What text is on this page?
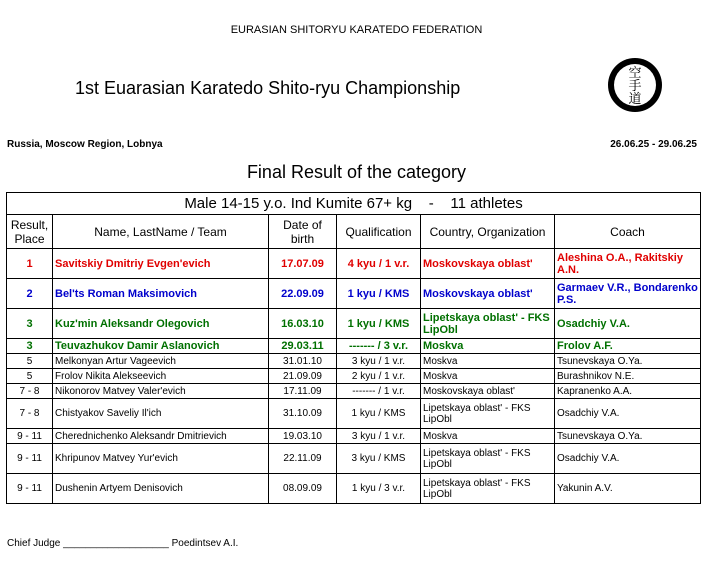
EURASIAN SHITORYU KARATEDO FEDERATION
1st Euarasian Karatedo Shito-ryu Championship
空
手
道
Russia, Moscow Region, Lobnya	26.06.25 - 29.06.25
Final Result of the category
Male 14-15 y.o. Ind Kumite 67+ kg    -    11 athletes					
Result, Place	Name, LastName / Team	Date of birth	Qualification	Country, Organization	Coach
1	Savitskiy Dmitriy Evgen'evich	17.07.09	4 kyu / 1 v.r.	Moskovskaya oblast'	Aleshina O.A., Rakitskiy A.N.
2	Bel'ts Roman Maksimovich	22.09.09	1 kyu / KMS	Moskovskaya oblast'	Garmaev V.R., Bondarenko P.S.
3	Kuz'min Aleksandr Olegovich	16.03.10	1 kyu / KMS	Lipetskaya oblast' - FKS LipObl	Osadchiy V.A.
3	Teuvazhukov Damir Aslanovich	29.03.11	------- / 3 v.r.	Moskva	Frolov A.F.
5	Melkonyan Artur Vageevich	31.01.10	3 kyu / 1 v.r.	Moskva	Tsunevskaya O.Ya.
5	Frolov Nikita Alekseevich	21.09.09	2 kyu / 1 v.r.	Moskva	Burashnikov N.E.
7 - 8	Nikonorov Matvey Valer'evich	17.11.09	------- / 1 v.r.	Moskovskaya oblast'	Kapranenko A.A.
7 - 8	Chistyakov Saveliy Il'ich	31.10.09	1 kyu / KMS	Lipetskaya oblast' - FKS LipObl	Osadchiy V.A.
9 - 11	Cherednichenko Aleksandr Dmitrievich	19.03.10	3 kyu / 1 v.r.	Moskva	Tsunevskaya O.Ya.
9 - 11	Khripunov Matvey Yur'evich	22.11.09	3 kyu / KMS	Lipetskaya oblast' - FKS LipObl	Osadchiy V.A.
9 - 11	Dushenin Artyem Denisovich	08.09.09	1 kyu / 3 v.r.	Lipetskaya oblast' - FKS LipObl	Yakunin A.V.
Chief Judge ___________________ Poedintsev A.I.
